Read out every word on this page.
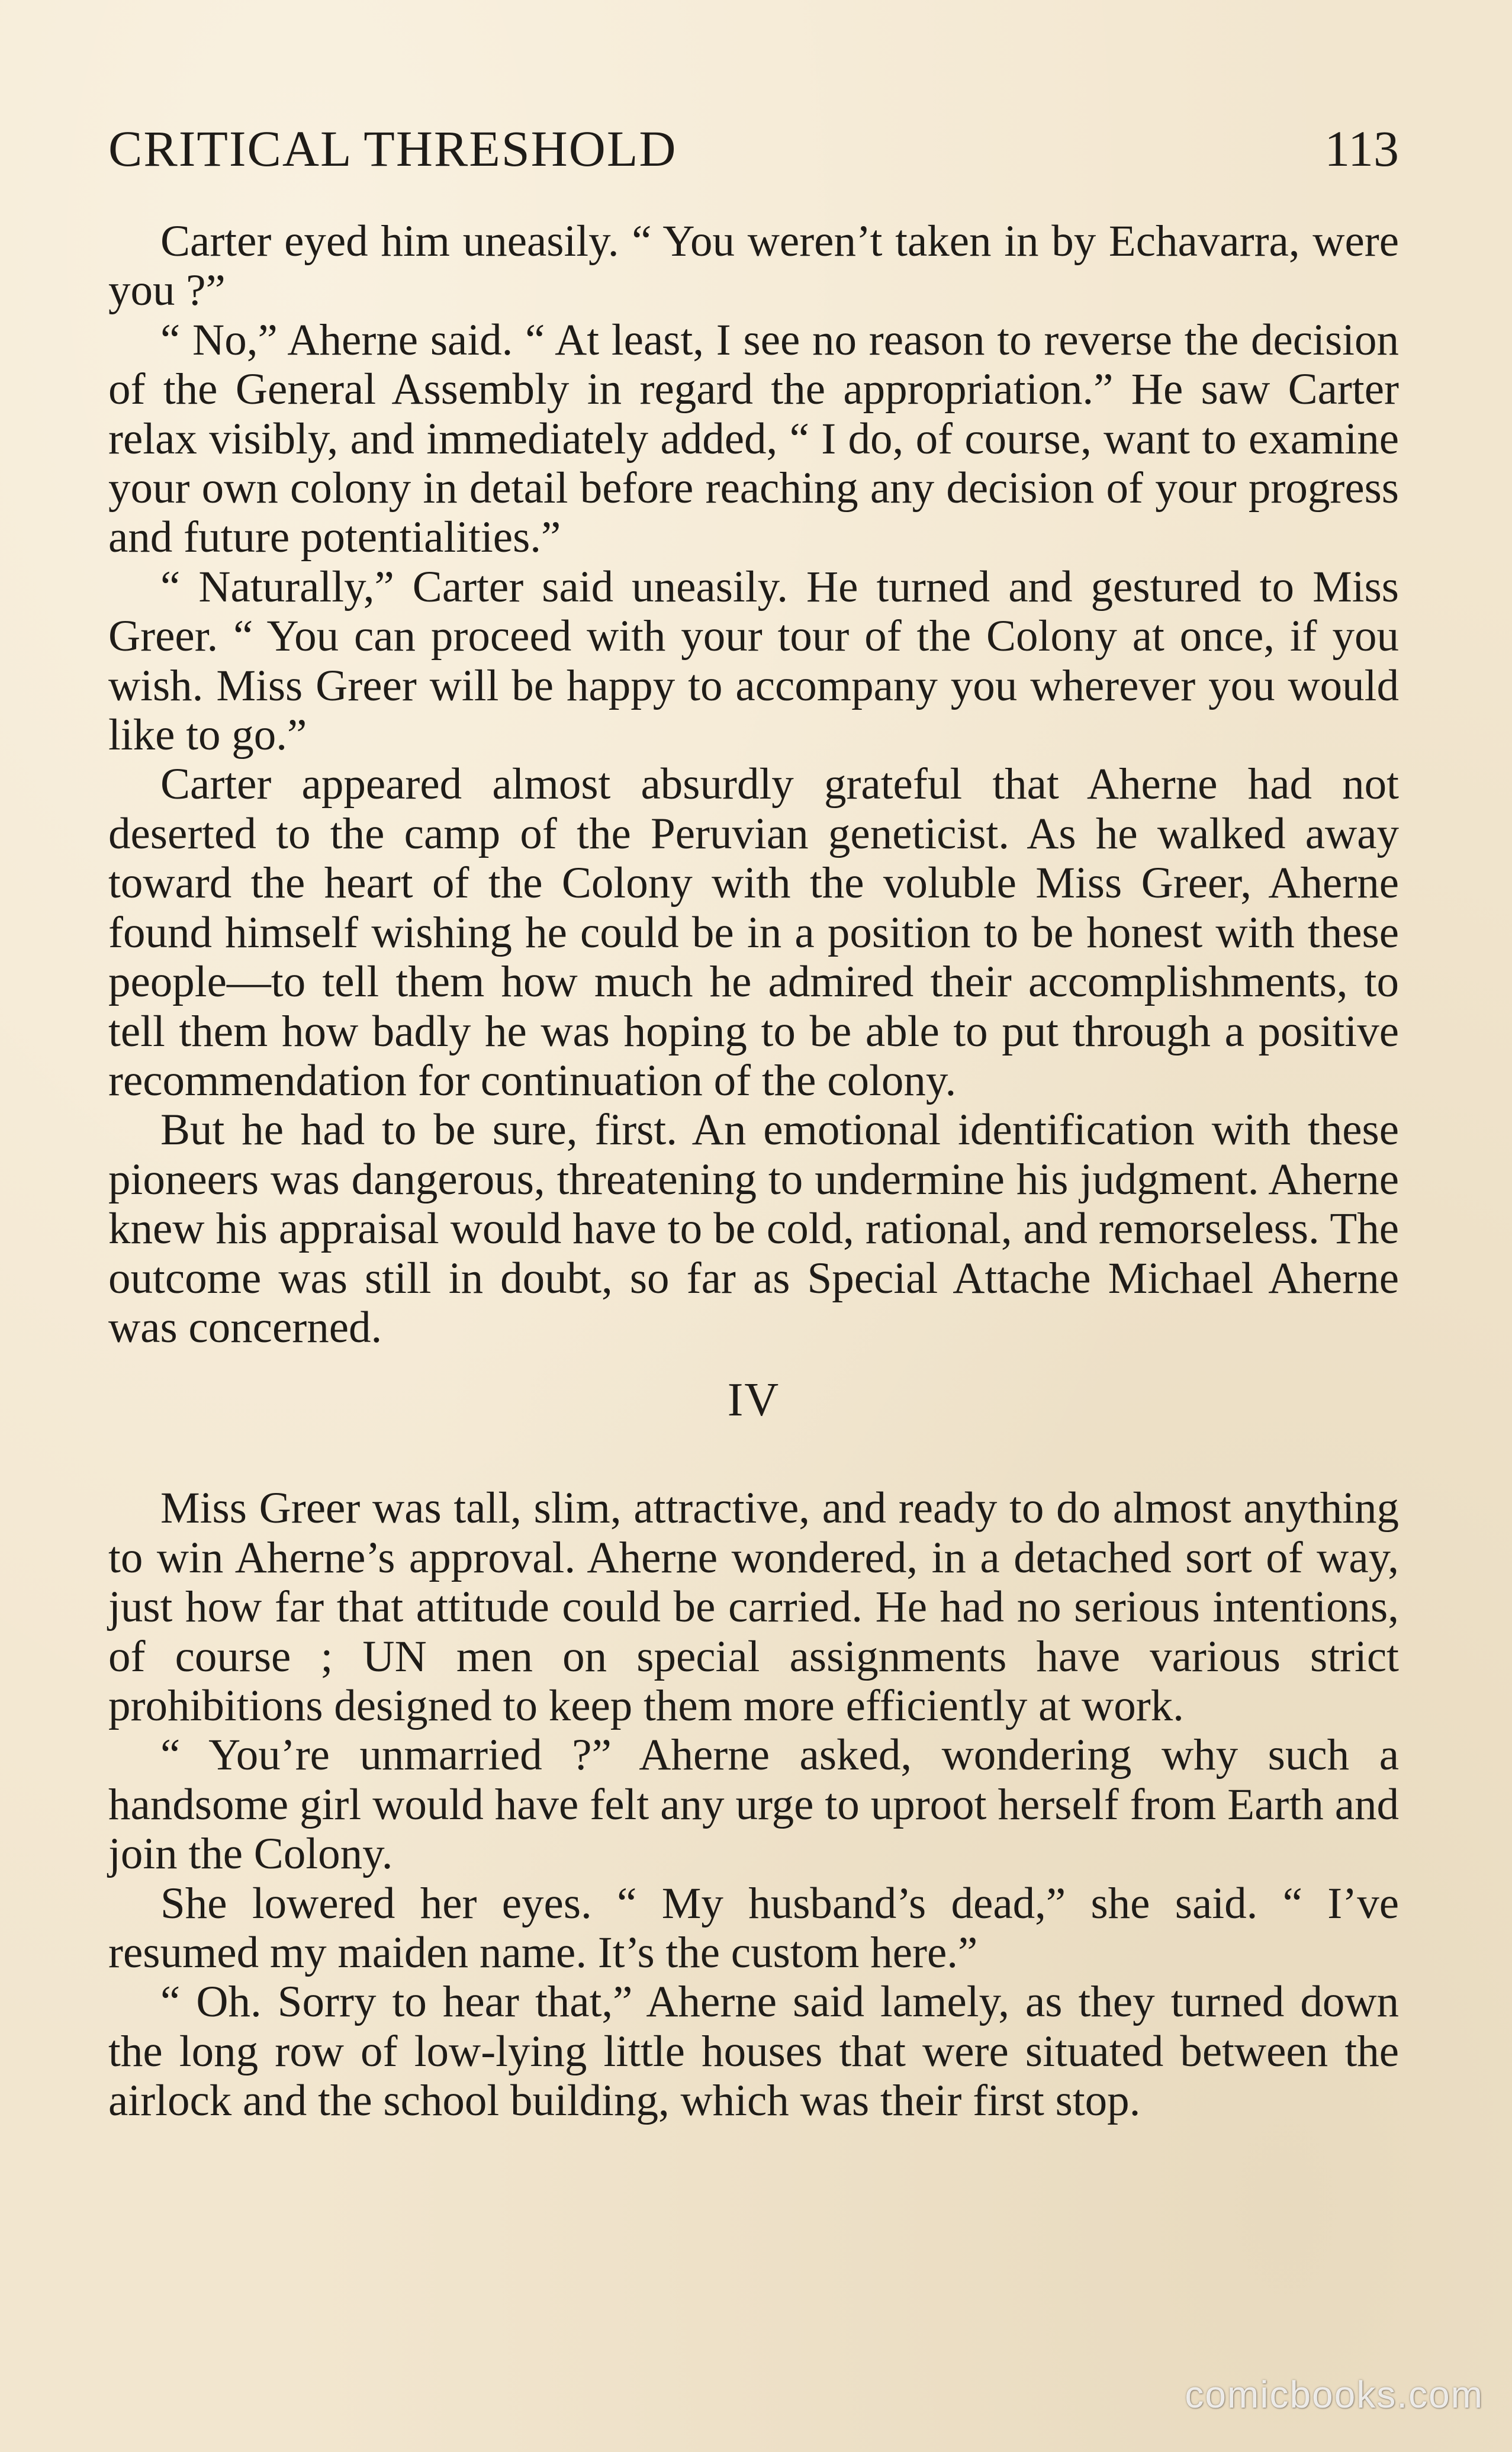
CRITICAL THRESHOLD	113

Carter eyed him uneasily. “ You weren’t taken in by Echavarra, were you ?”

“ No,” Aherne said. “ At least, I see no reason to reverse the decision of the General Assembly in regard the appropriation.” He saw Carter relax visibly, and immediately added, “ I do, of course, want to examine your own colony in detail before reaching any decision of your progress and future potentialities.”

“ Naturally,” Carter said uneasily. He turned and gestured to Miss Greer. “ You can proceed with your tour of the Colony at once, if you wish. Miss Greer will be happy to accompany you wherever you would like to go.”

Carter appeared almost absurdly grateful that Aherne had not deserted to the camp of the Peruvian geneticist. As he walked away toward the heart of the Colony with the voluble Miss Greer, Aherne found himself wishing he could be in a position to be honest with these people—to tell them how much he admired their accomplishments, to tell them how badly he was hoping to be able to put through a positive recommendation for continuation of the colony.

But he had to be sure, first. An emotional identification with these pioneers was dangerous, threatening to undermine his judgment. Aherne knew his appraisal would have to be cold, rational, and remorseless. The outcome was still in doubt, so far as Special Attache Michael Aherne was concerned.

IV

Miss Greer was tall, slim, attractive, and ready to do almost anything to win Aherne’s approval. Aherne wondered, in a detached sort of way, just how far that attitude could be carried. He had no serious intentions, of course ; UN men on special assignments have various strict prohibitions designed to keep them more efficiently at work.

“ You’re unmarried ?” Aherne asked, wondering why such a handsome girl would have felt any urge to uproot herself from Earth and join the Colony.

She lowered her eyes. “ My husband’s dead,” she said. “ I’ve resumed my maiden name. It’s the custom here.”

“ Oh. Sorry to hear that,” Aherne said lamely, as they turned down the long row of low-lying little houses that were situated between the airlock and the school building, which was their first stop.

comicbooks.com
